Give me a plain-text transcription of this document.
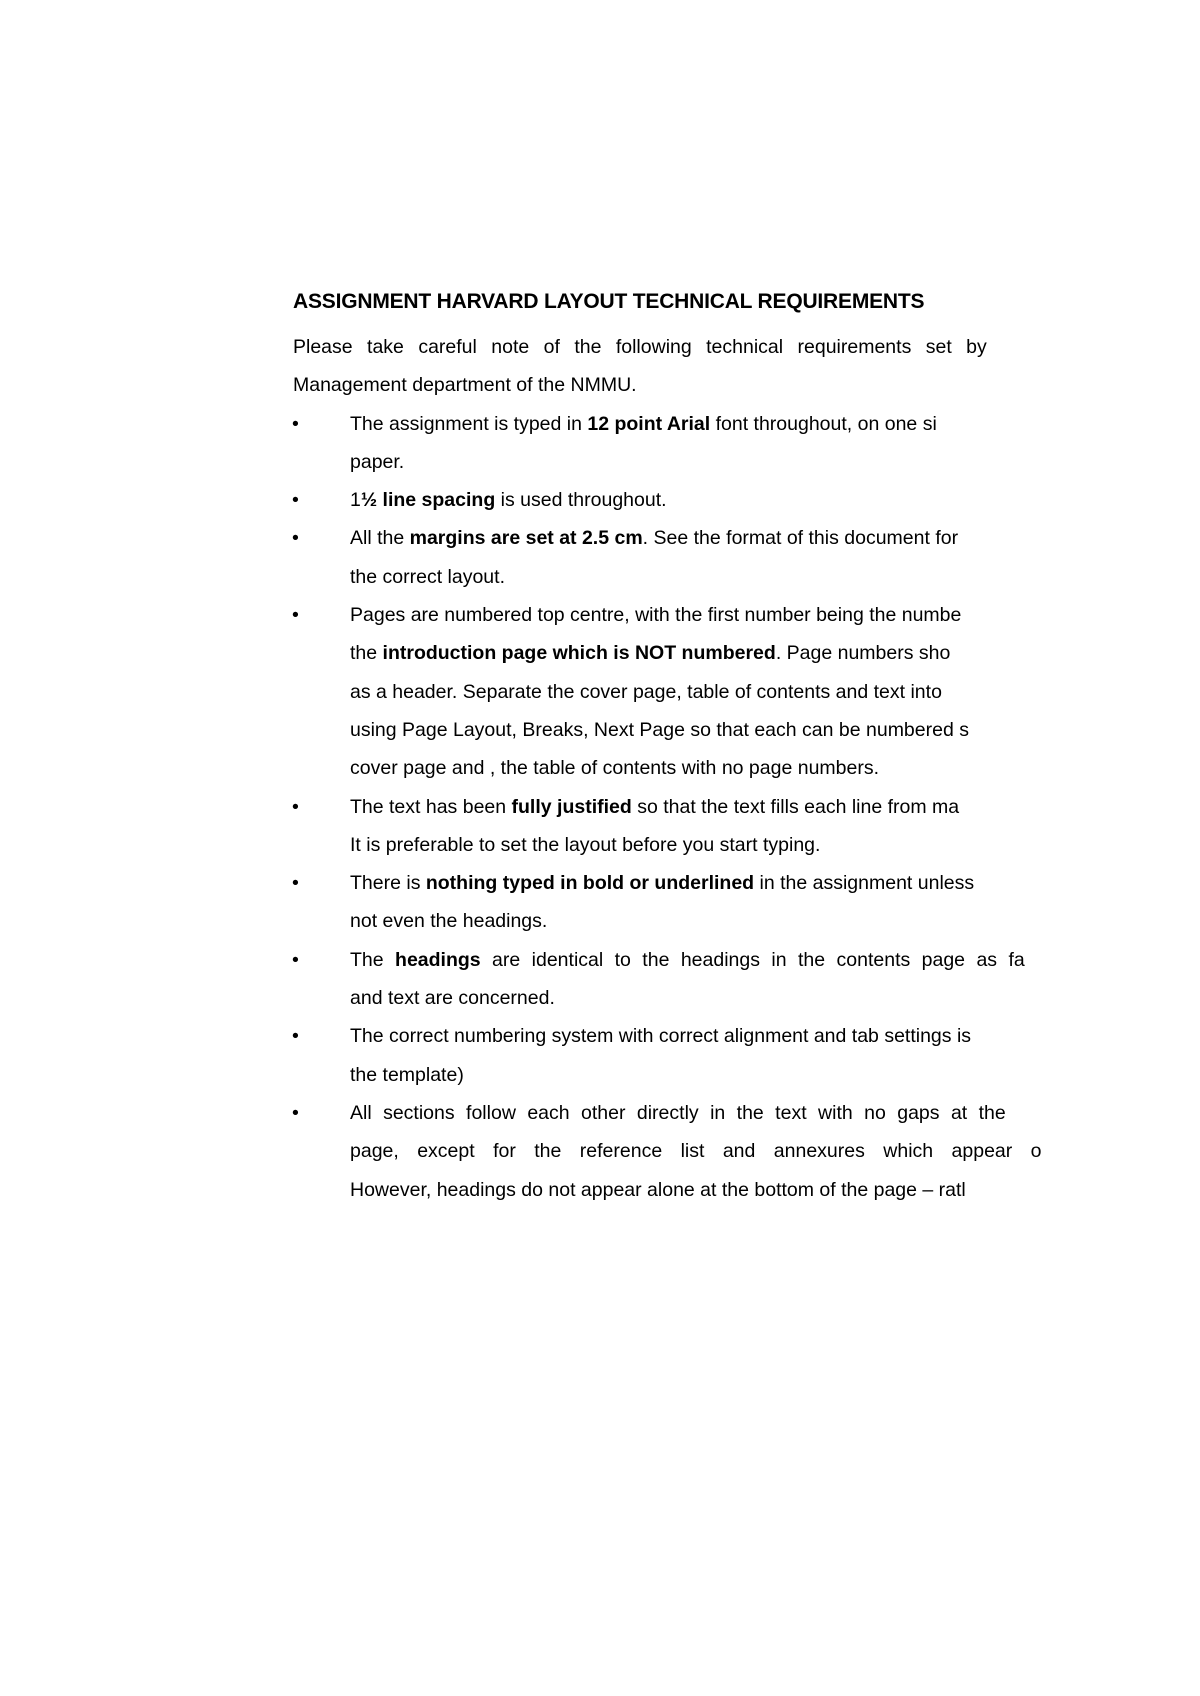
ASSIGNMENT HARVARD LAYOUT TECHNICAL REQUIREMENTS
Please take careful note of the following technical requirements set by
Management department of the NMMU.
•	The assignment is typed in 12 point Arial font throughout, on one si
paper.
•	1½ line spacing is used throughout.
•	All the margins are set at 2.5 cm. See the format of this document for
the correct layout.
•	Pages are numbered top centre, with the first number being the numbe
the introduction page which is NOT numbered. Page numbers sho
as a header. Separate the cover page, table of contents and text into
using Page Layout, Breaks, Next Page so that each can be numbered s
cover page and , the table of contents with no page numbers.
•	The text has been fully justified so that the text fills each line from ma
It is preferable to set the layout before you start typing.
•	There is nothing typed in bold or underlined in the assignment unless
not even the headings.
•	The headings are identical to the headings in the contents page as fa
and text are concerned.
•	The correct numbering system with correct alignment and tab settings is
the template)
•	All sections follow each other directly in the text with no gaps at the
page, except for the reference list and annexures which appear o
However, headings do not appear alone at the bottom of the page – ratl
